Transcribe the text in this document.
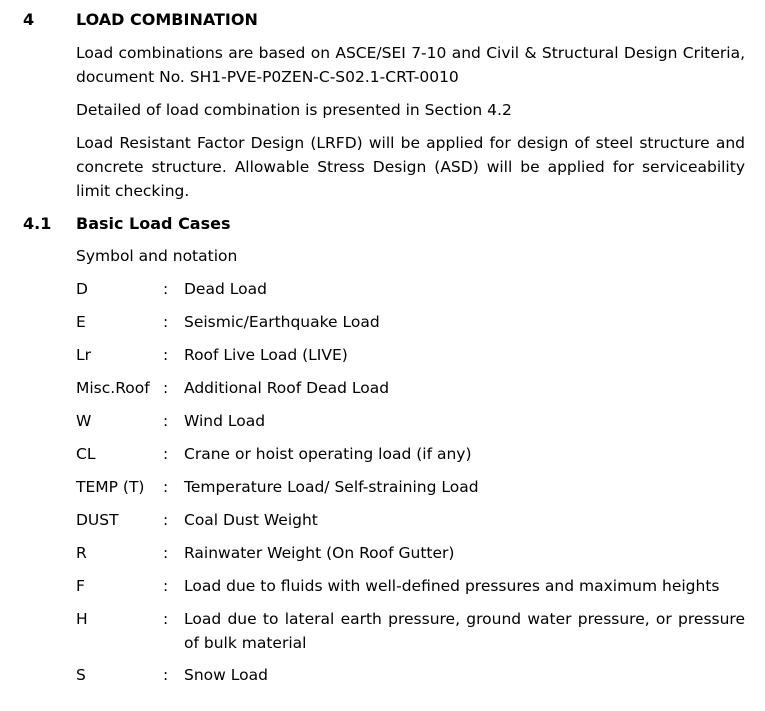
4	LOAD COMBINATION
Load combinations are based on ASCE/SEI 7-10 and Civil & Structural Design Criteria, document No. SH1-PVE-P0ZEN-C-S02.1-CRT-0010
Detailed of load combination is presented in Section 4.2
Load Resistant Factor Design (LRFD) will be applied for design of steel structure and concrete structure. Allowable Stress Design (ASD) will be applied for serviceability limit checking.
4.1 Basic Load Cases
Symbol and notation
D	: Dead Load
E	: Seismic/Earthquake Load
Lr	: Roof Live Load (LIVE)
Misc.Roof : Additional Roof Dead Load
W	: Wind Load
CL	: Crane or hoist operating load (if any)
TEMP (T) : Temperature Load/ Self-straining Load
DUST	: Coal Dust Weight
R	: Rainwater Weight (On Roof Gutter)
F	: Load due to fluids with well-defined pressures and maximum heights
H	: Load due to lateral earth pressure, ground water pressure, or pressure of bulk material
S	: Snow Load
